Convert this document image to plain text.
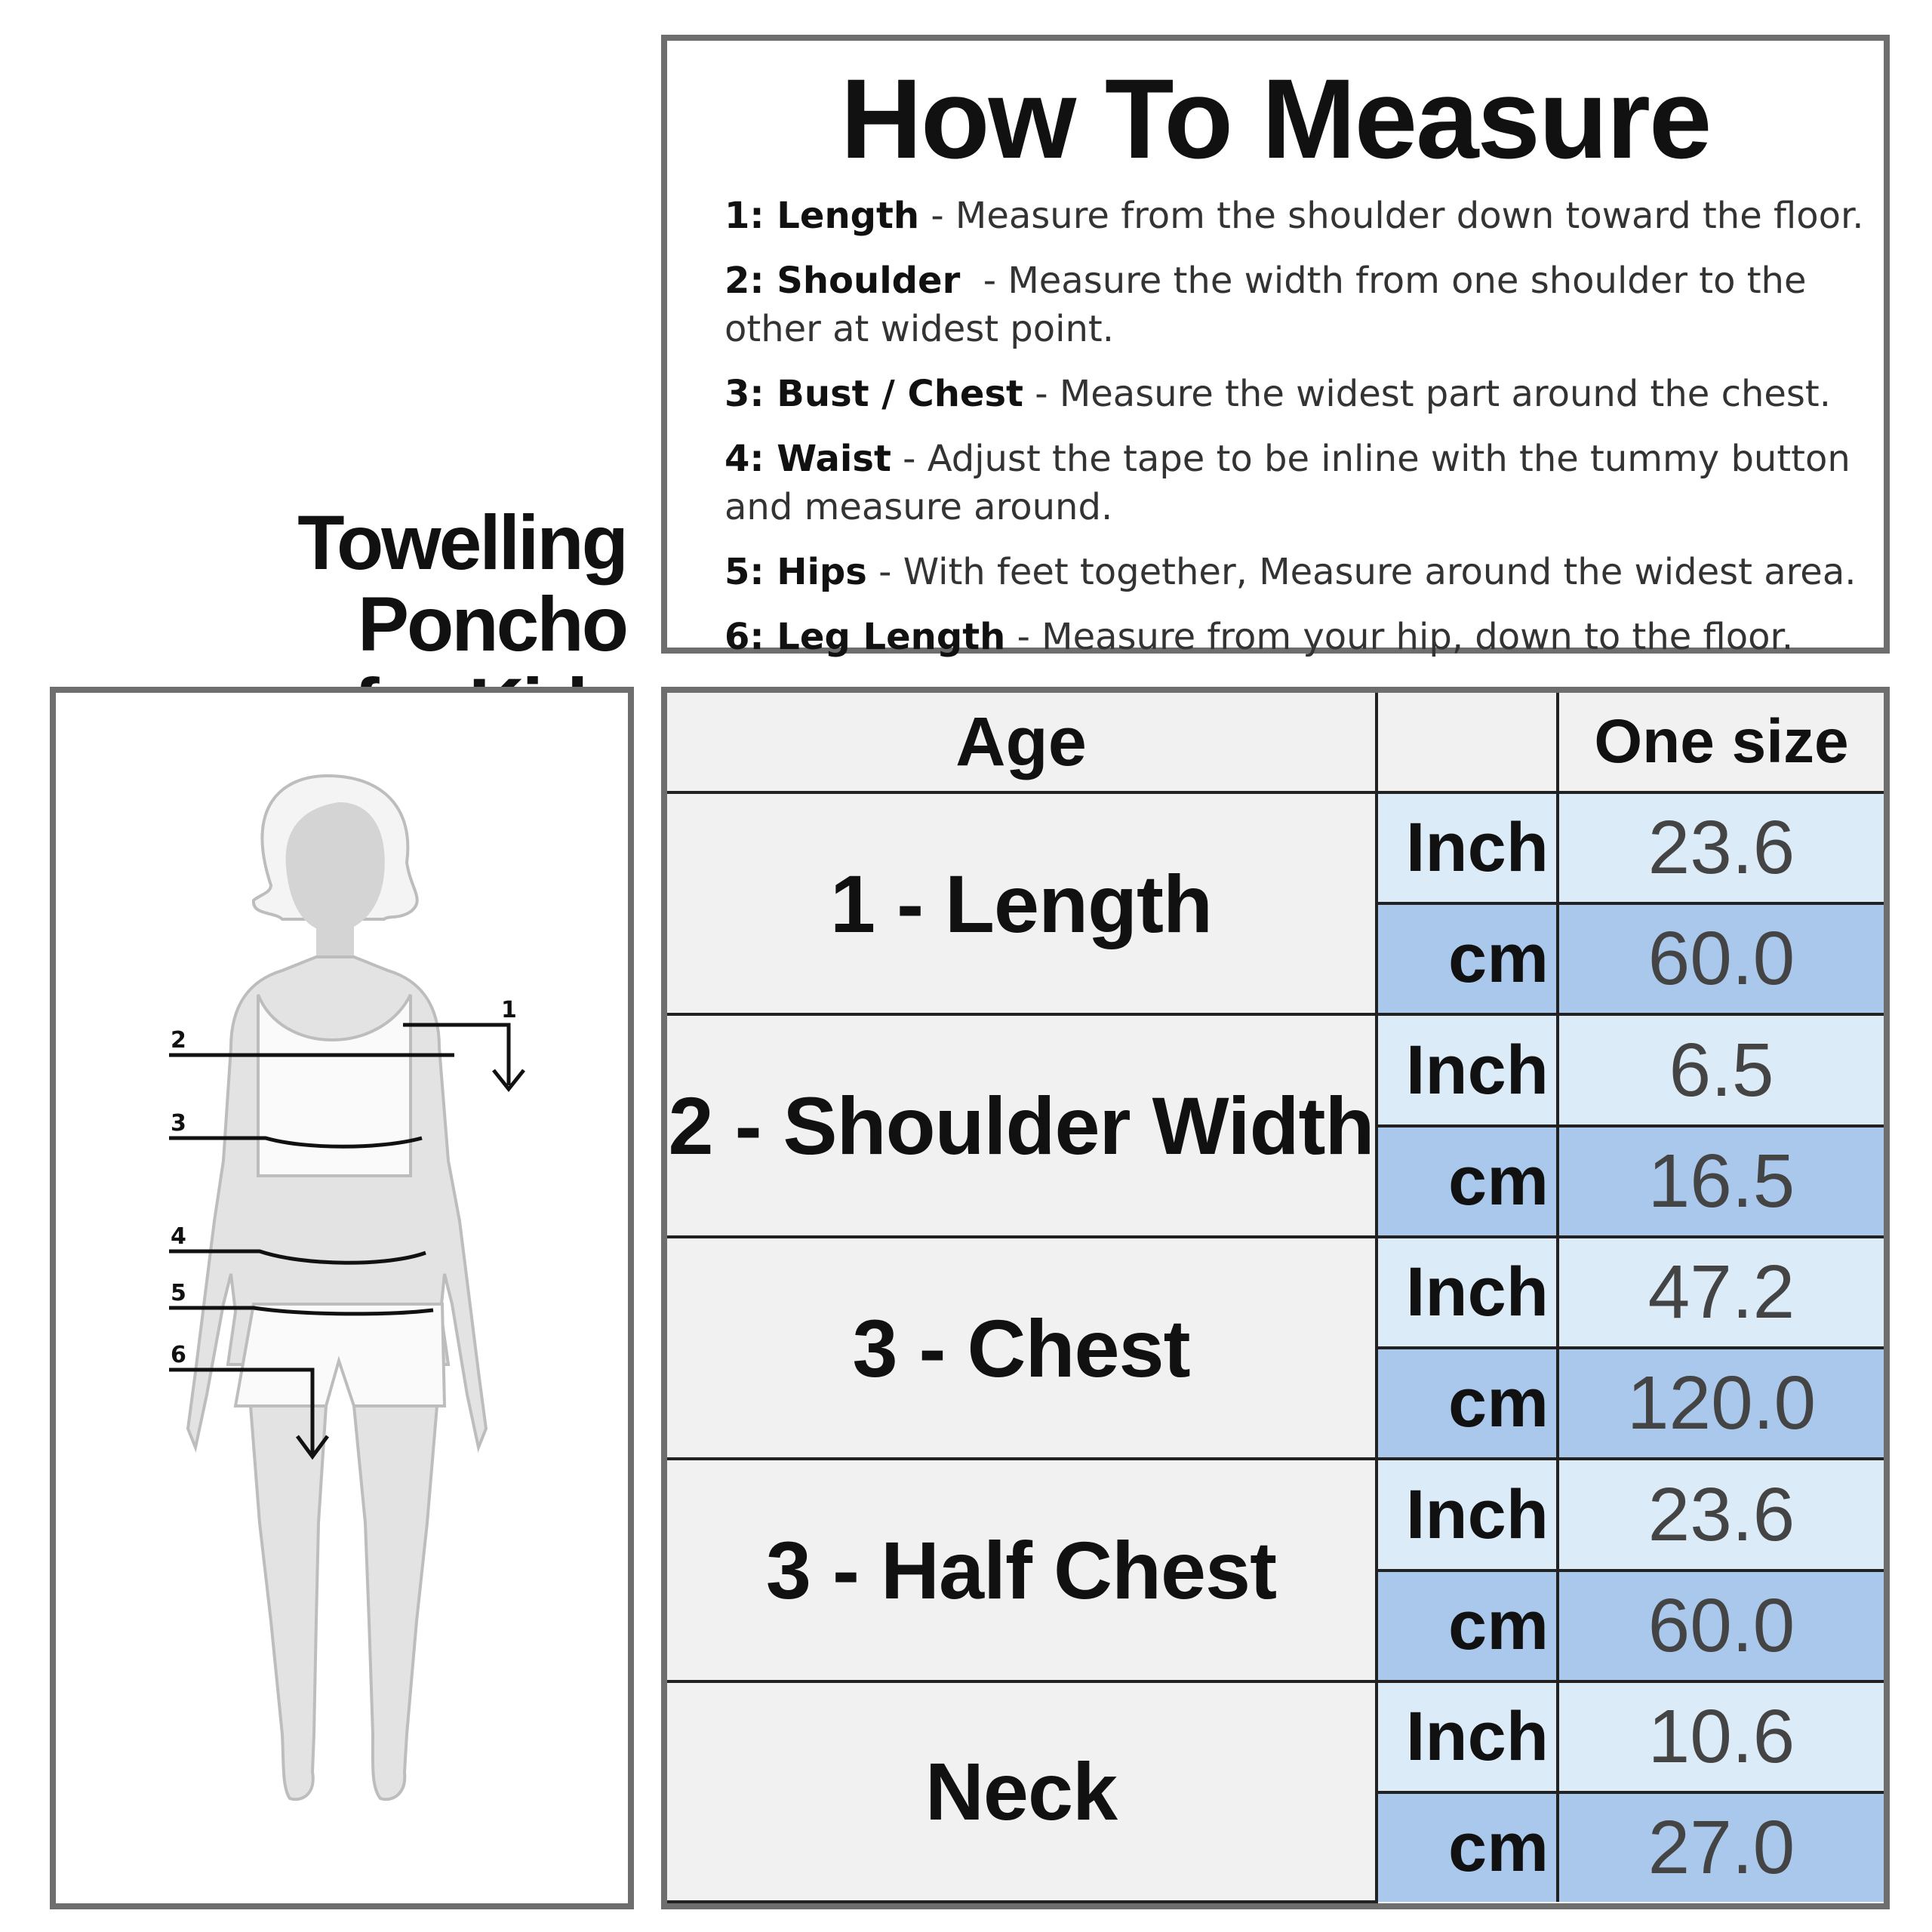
Towelling Poncho
How To Measure
1: Length - Measure from the shoulder down toward the floor.
2: Shoulder  - Measure the width from one shoulder to the other at widest point.
3: Bust / Chest - Measure the widest part around the chest.
4: Waist - Adjust the tape to be inline with the tummy button and measure around.
5: Hips - With feet together, Measure around the widest area.
6: Leg Length - Measure from your hip, down to the floor.
1
2
3
4
5
6
Age		One size
1 - Length	Inch	23.6
	cm	60.0
2 - Shoulder Width	Inch	6.5
	cm	16.5
3 - Chest	Inch	47.2
	cm	120.0
3 - Half Chest	Inch	23.6
	cm	60.0
Neck	Inch	10.6
	cm	27.0
